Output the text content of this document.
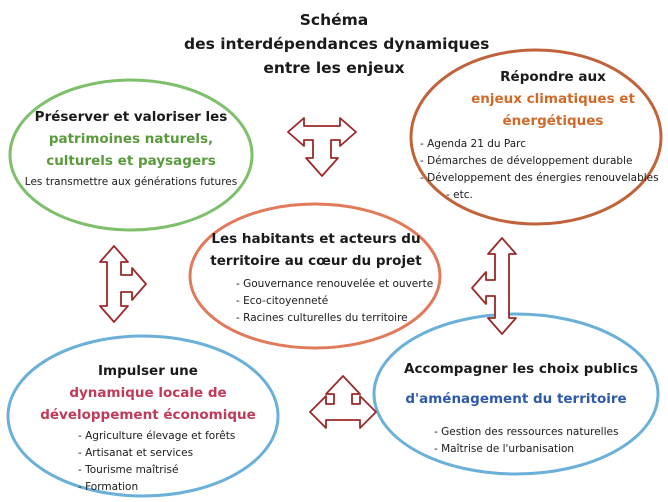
Schéma
des interdépendances dynamiques
entre les enjeux
Préserver et valoriser les
patrimoines naturels,
culturels et paysagers
Les transmettre aux générations futures
Répondre aux
enjeux climatiques et
énergétiques
- Agenda 21 du Parc
- Démarches de développement durable
- Développement des énergies renouvelables
- etc.
Les habitants et acteurs du
territoire au cœur du projet
- Gouvernance renouvelée et ouverte
- Eco-citoyenneté
- Racines culturelles du territoire
Impulser une
dynamique locale de
développement économique
- Agriculture élevage et forêts
- Artisanat et services
- Tourisme maîtrisé
- Formation
Accompagner les choix publics
d'aménagement du territoire
- Gestion des ressources naturelles
- Maîtrise de l'urbanisation
